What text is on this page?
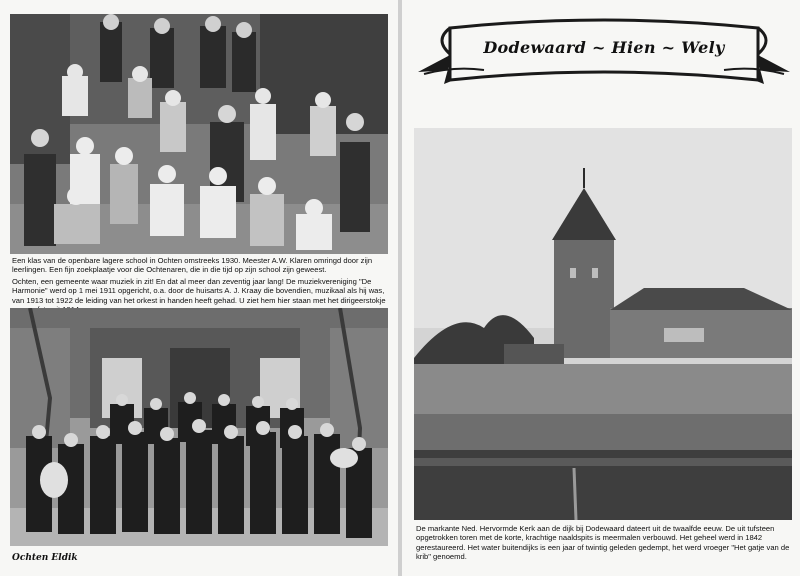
Een klas van de openbare lagere school in Ochten omstreeks 1930. Meester A.W. Klaren omringd door zijn leerlingen. Een fijn zoekplaatje voor die Ochtenaren, die in die tijd op zijn school zijn geweest.

Ochten, een gemeente waar muziek in zit! En dat al meer dan zeventig jaar lang! De muziekvereniging "De Harmonie" werd op 1 mei 1911 opgericht, o.a. door de huisarts A. J. Kraay die bovendien, muzikaal als hij was, van 1913 tot 1922 de leiding van het orkest in handen heeft gehad. U ziet hem hier staan met het dirigeerstokje

Ochten Eldik
Dodewaard ~ Hien ~ Wely

De markante Ned. Hervormde Kerk aan de dijk bij Dodewaard dateert uit de twaalfde eeuw. De uit tufsteen opgetrokken toren met de korte, krachtige naaldspits is meermalen verbouwd. Het geheel werd in 1842 gerestaureerd. Het water buitendijks is een jaar of twintig geleden gedempt, het werd vroeger "Het gatje van de krib" genoemd.
